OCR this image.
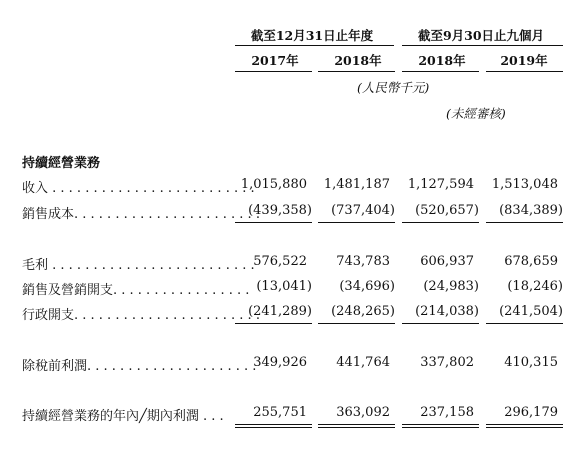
截至12月31日止年度	截至9月30日止九個月
2017年	2018年	2018年	2019年
(人民幣千元)
(未經審核)
持續經營業務
收入 . . . . . . . . . . . . . . . . . . . . . . . . .
1,015,880	1,481,187	1,127,594	1,513,048
銷售成本. . . . . . . . . . . . . . . . . . . . . . .
(439,358)	(737,404)	(520,657)	(834,389)
毛利 . . . . . . . . . . . . . . . . . . . . . . . . .
576,522	743,783	606,937	678,659
銷售及營銷開支. . . . . . . . . . . . . . . . . (13,041)	(34,696)	(24,983)	(18,246)
行政開支. . . . . . . . . . . . . . . . . . . . . . .
(241,289)	(248,265)	(214,038)	(241,504)
除稅前利潤. . . . . . . . . . . . . . . . . . . . .
349,926	441,764	337,802	410,315
持續經營業務的年內╱期內利潤 . . .	255,751	363,092	237,158	296,179
